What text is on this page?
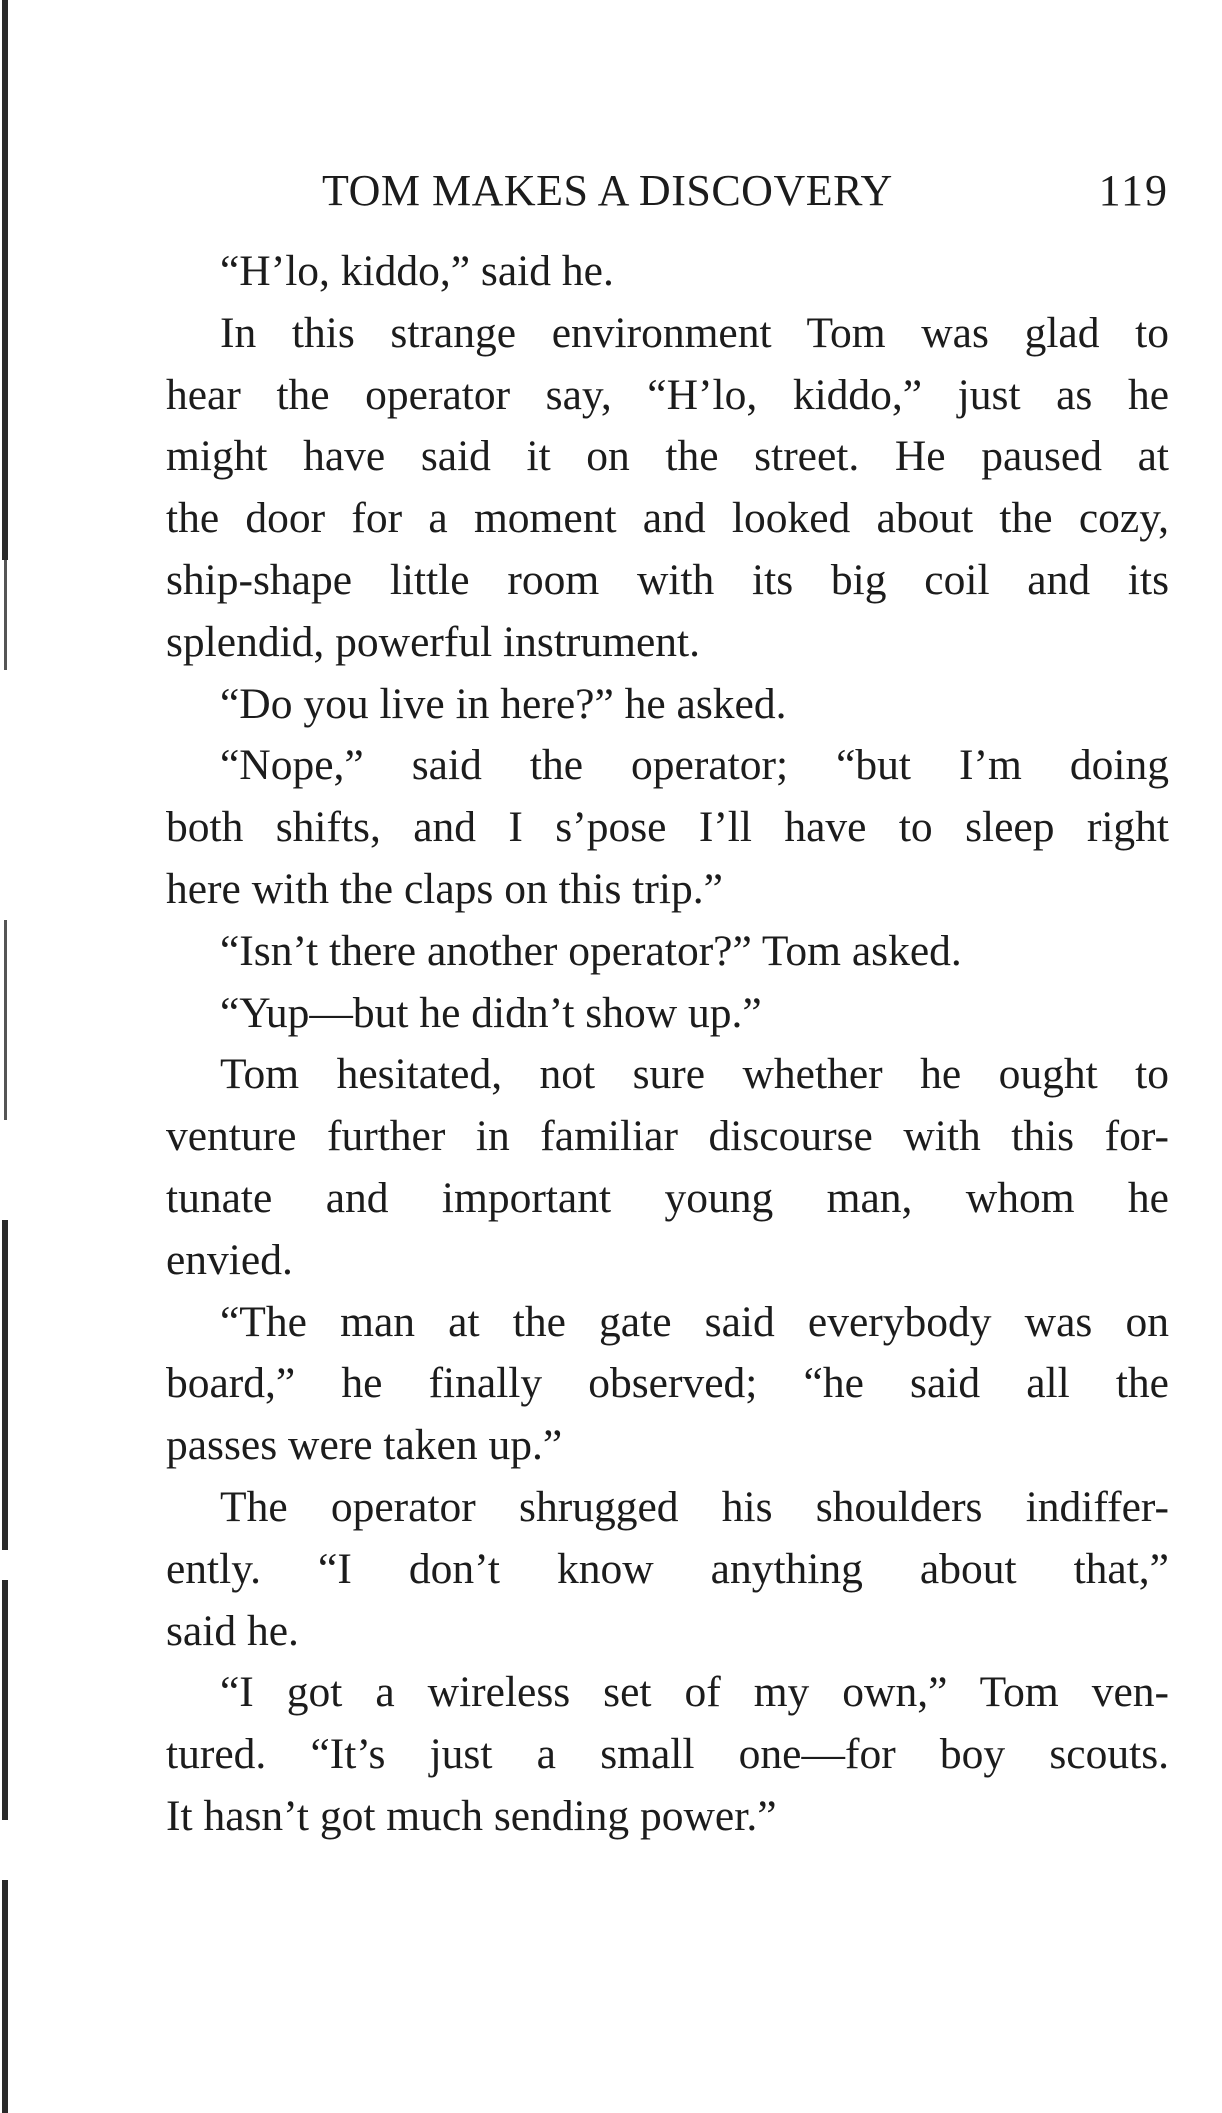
TOM MAKES A DISCOVERY	119
“H’lo, kiddo,” said he.
In this strange environment Tom was glad to
hear the operator say, “H’lo, kiddo,” just as he
might have said it on the street. He paused at
the door for a moment and looked about the cozy,
ship-shape little room with its big coil and its
splendid, powerful instrument.
“Do you live in here?” he asked.
“Nope,” said the operator; “but I’m doing
both shifts, and I s’pose I’ll have to sleep right
here with the claps on this trip.”
“Isn’t there another operator?” Tom asked.
“Yup—but he didn’t show up.”
Tom hesitated, not sure whether he ought to
venture further in familiar discourse with this for-
tunate and important young man, whom he
envied.
“The man at the gate said everybody was on
board,” he finally observed; “he said all the
passes were taken up.”
The operator shrugged his shoulders indiffer-
ently. “I don’t know anything about that,”
said he.
“I got a wireless set of my own,” Tom ven-
tured. “It’s just a small one—for boy scouts.
It hasn’t got much sending power.”
